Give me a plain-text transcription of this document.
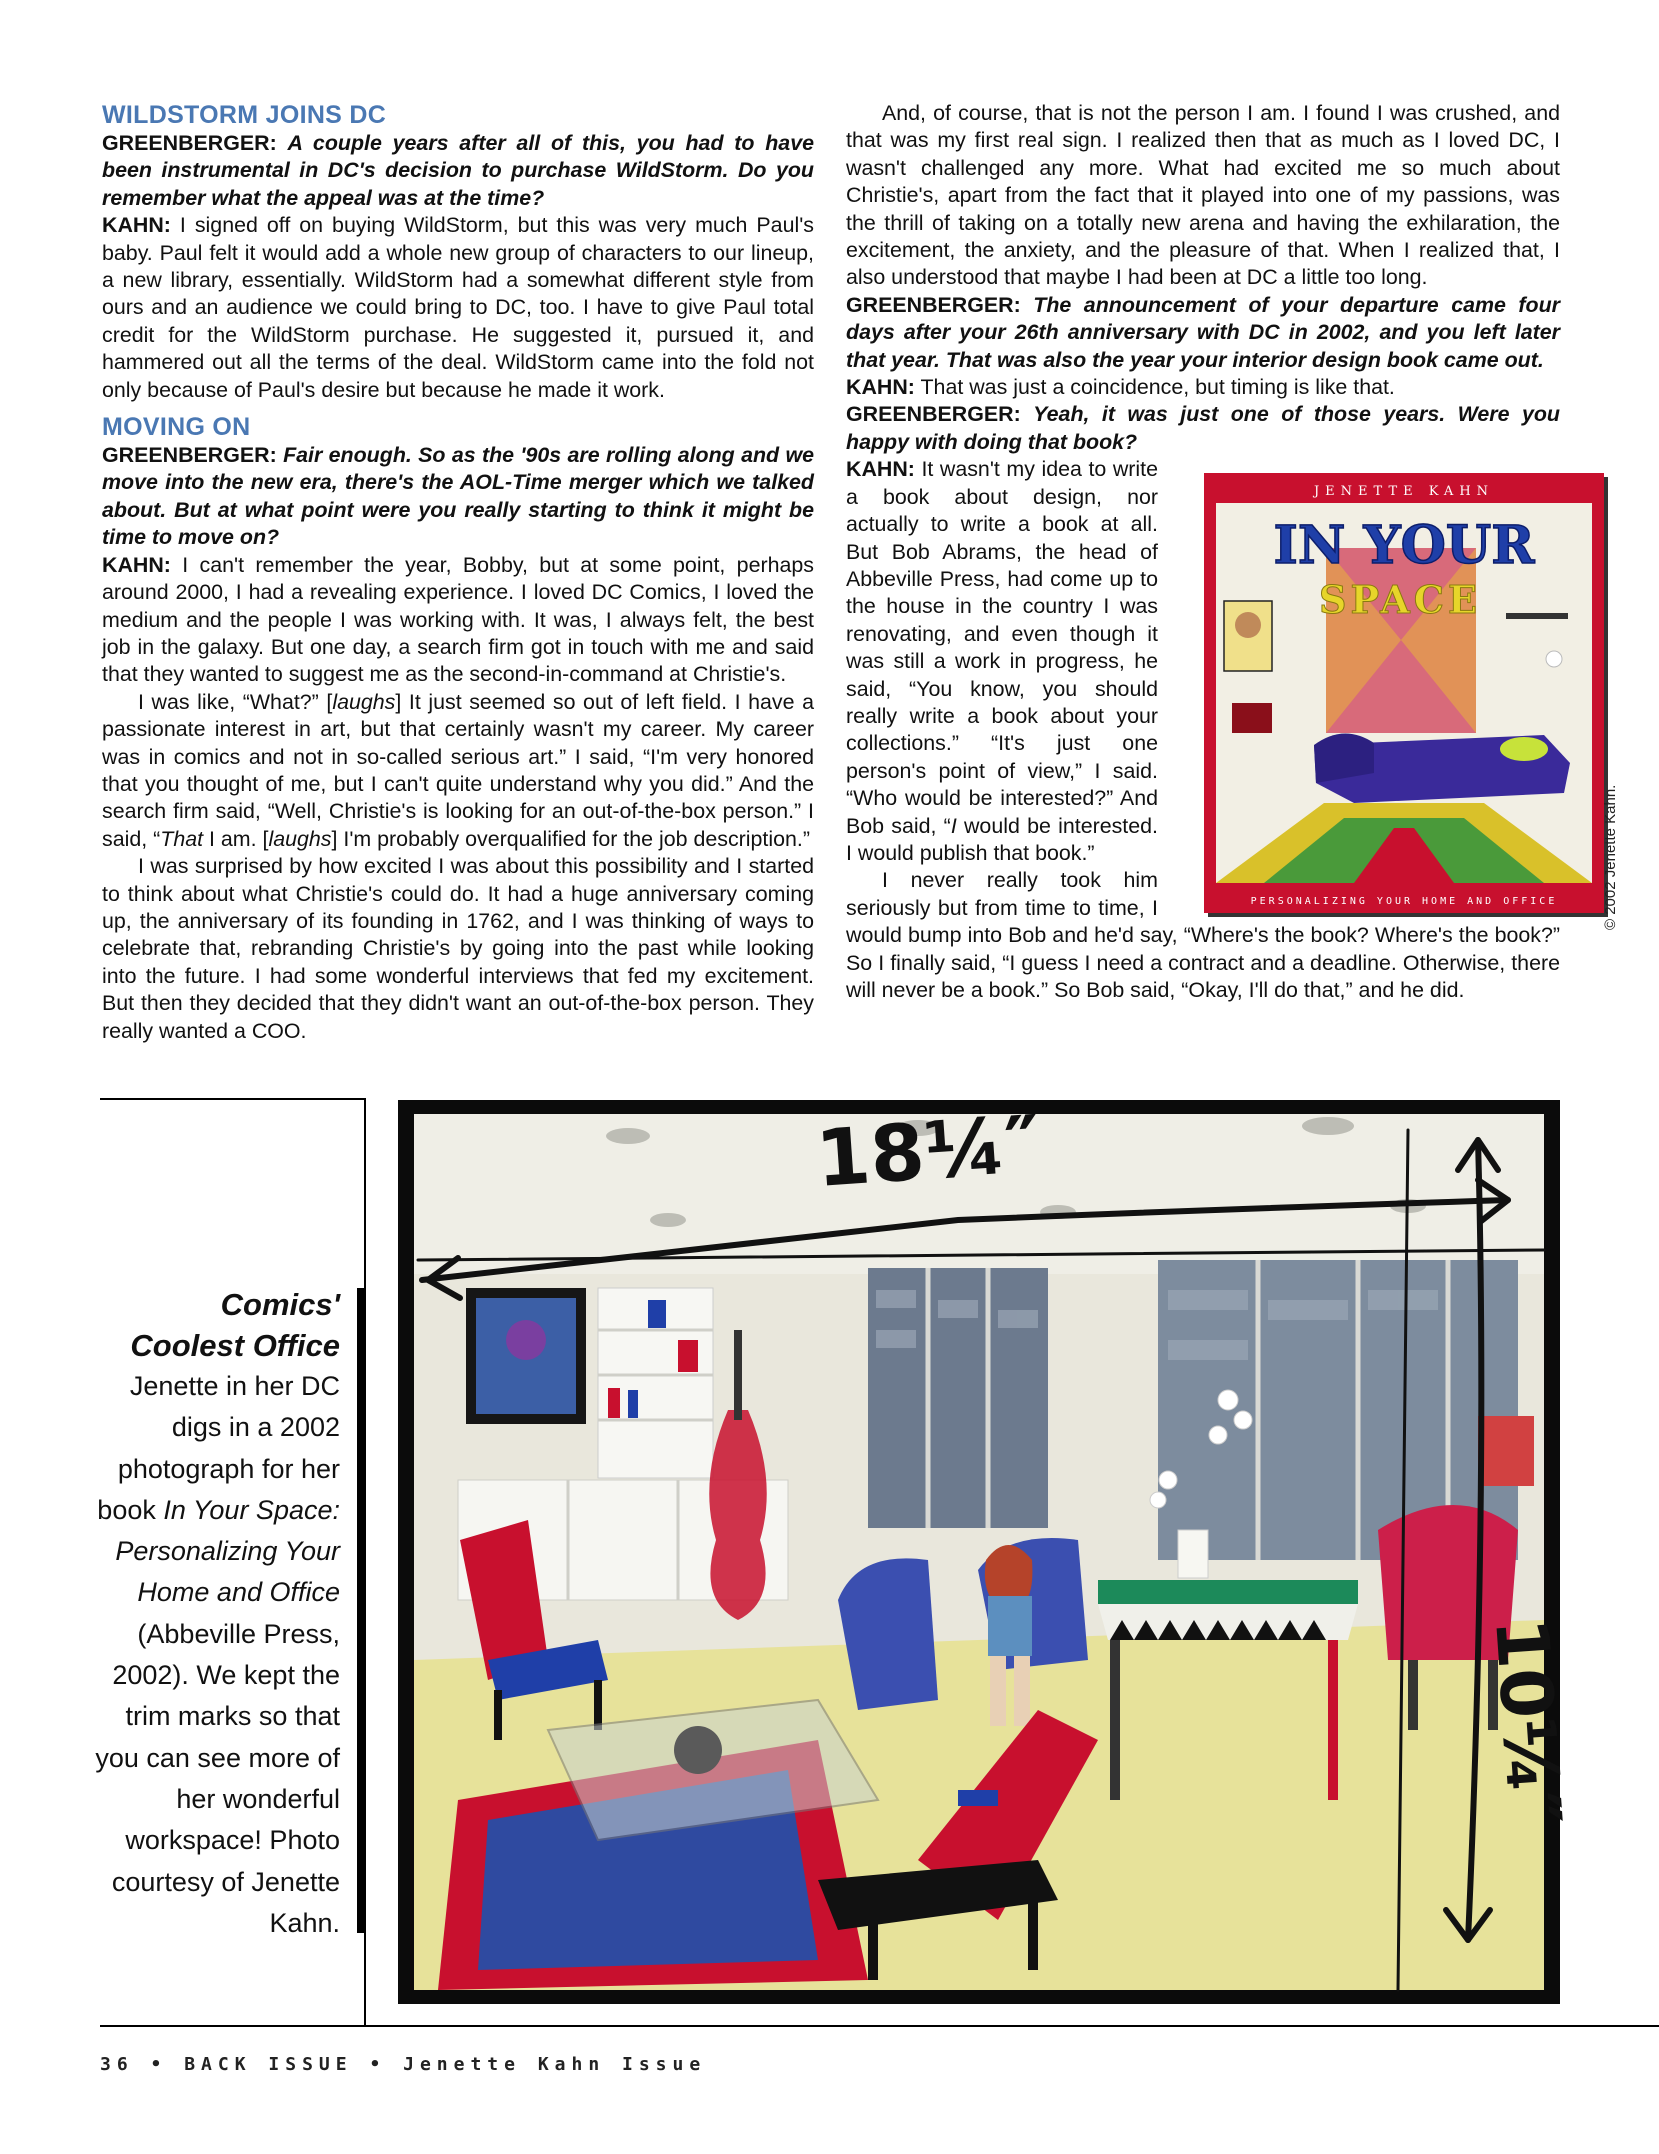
WILDSTORM JOINS DC

GREENBERGER: A couple years after all of this, you had to have been instrumental in DC's decision to purchase WildStorm. Do you remember what the appeal was at the time?

KAHN: I signed off on buying WildStorm, but this was very much Paul's baby. Paul felt it would add a whole new group of characters to our lineup, a new library, essentially. WildStorm had a somewhat different style from ours and an audience we could bring to DC, too. I have to give Paul total credit for the WildStorm purchase. He suggested it, pursued it, and hammered out all the terms of the deal. WildStorm came into the fold not only because of Paul's desire but because he made it work.

MOVING ON

GREENBERGER: Fair enough. So as the '90s are rolling along and we move into the new era, there's the AOL-Time merger which we talked about. But at what point were you really starting to think it might be time to move on?

KAHN: I can't remember the year, Bobby, but at some point, perhaps around 2000, I had a revealing experience. I loved DC Comics, I loved the medium and the people I was working with. It was, I always felt, the best job in the galaxy. But one day, a search firm got in touch with me and said that they wanted to suggest me as the second-in-command at Christie's.

I was like, “What?” [laughs] It just seemed so out of left field. I have a passionate interest in art, but that certainly wasn't my career. My career was in comics and not in so-called serious art.” I said, “I'm very honored that you thought of me, but I can't quite understand why you did.” And the search firm said, “Well, Christie's is looking for an out-of-the-box person.” I said, “That I am. [laughs] I'm probably overqualified for the job description.”

I was surprised by how excited I was about this possibility and I started to think about what Christie's could do. It had a huge anniversary coming up, the anniversary of its founding in 1762, and I was thinking of ways to celebrate that, rebranding Christie's by going into the past while looking into the future. I had some wonderful interviews that fed my excitement. But then they decided that they didn't want an out-of-the-box person. They really wanted a COO.

And, of course, that is not the person I am. I found I was crushed, and that was my first real sign. I realized then that as much as I loved DC, I wasn't challenged any more. What had excited me so much about Christie's, apart from the fact that it played into one of my passions, was the thrill of taking on a totally new arena and having the exhilaration, the excitement, the anxiety, and the pleasure of that. When I realized that, I also understood that maybe I had been at DC a little too long.

GREENBERGER: The announcement of your departure came four days after your 26th anniversary with DC in 2002, and you left later that year. That was also the year your interior design book came out.

KAHN: That was just a coincidence, but timing is like that.

GREENBERGER: Yeah, it was just one of those years. Were you happy with doing that book?

KAHN: It wasn't my idea to write a book about design, nor actually to write a book at all. But Bob Abrams, the head of Abbeville Press, had come up to the house in the country I was renovating, and even though it was still a work in progress, he said, “You know, you should really write a book about your collections.” “It's just one person's point of view,” I said. “Who would be interested?” And Bob said, “I would be interested. I would publish that book.”

I never really took him seriously but from time to time, I would bump into Bob and he'd say, “Where's the book? Where's the book?” So I finally said, “I guess I need a contract and a deadline. Otherwise, there will never be a book.” So Bob said, “Okay, I'll do that,” and he did.

JENETTE KAHN
IN YOUR
SPACE
PERSONALIZING YOUR HOME AND OFFICE	© 2002 Jenette Kahn.
Comics'
Coolest Office
Jenette in her DC digs in a 2002 photograph for her book In Your Space: Personalizing Your Home and Office (Abbeville Press, 2002). We kept the trim marks so that you can see more of her wonderful workspace! Photo courtesy of Jenette Kahn.
18¼″
10¼″
36 • BACK ISSUE • Jenette Kahn Issue
